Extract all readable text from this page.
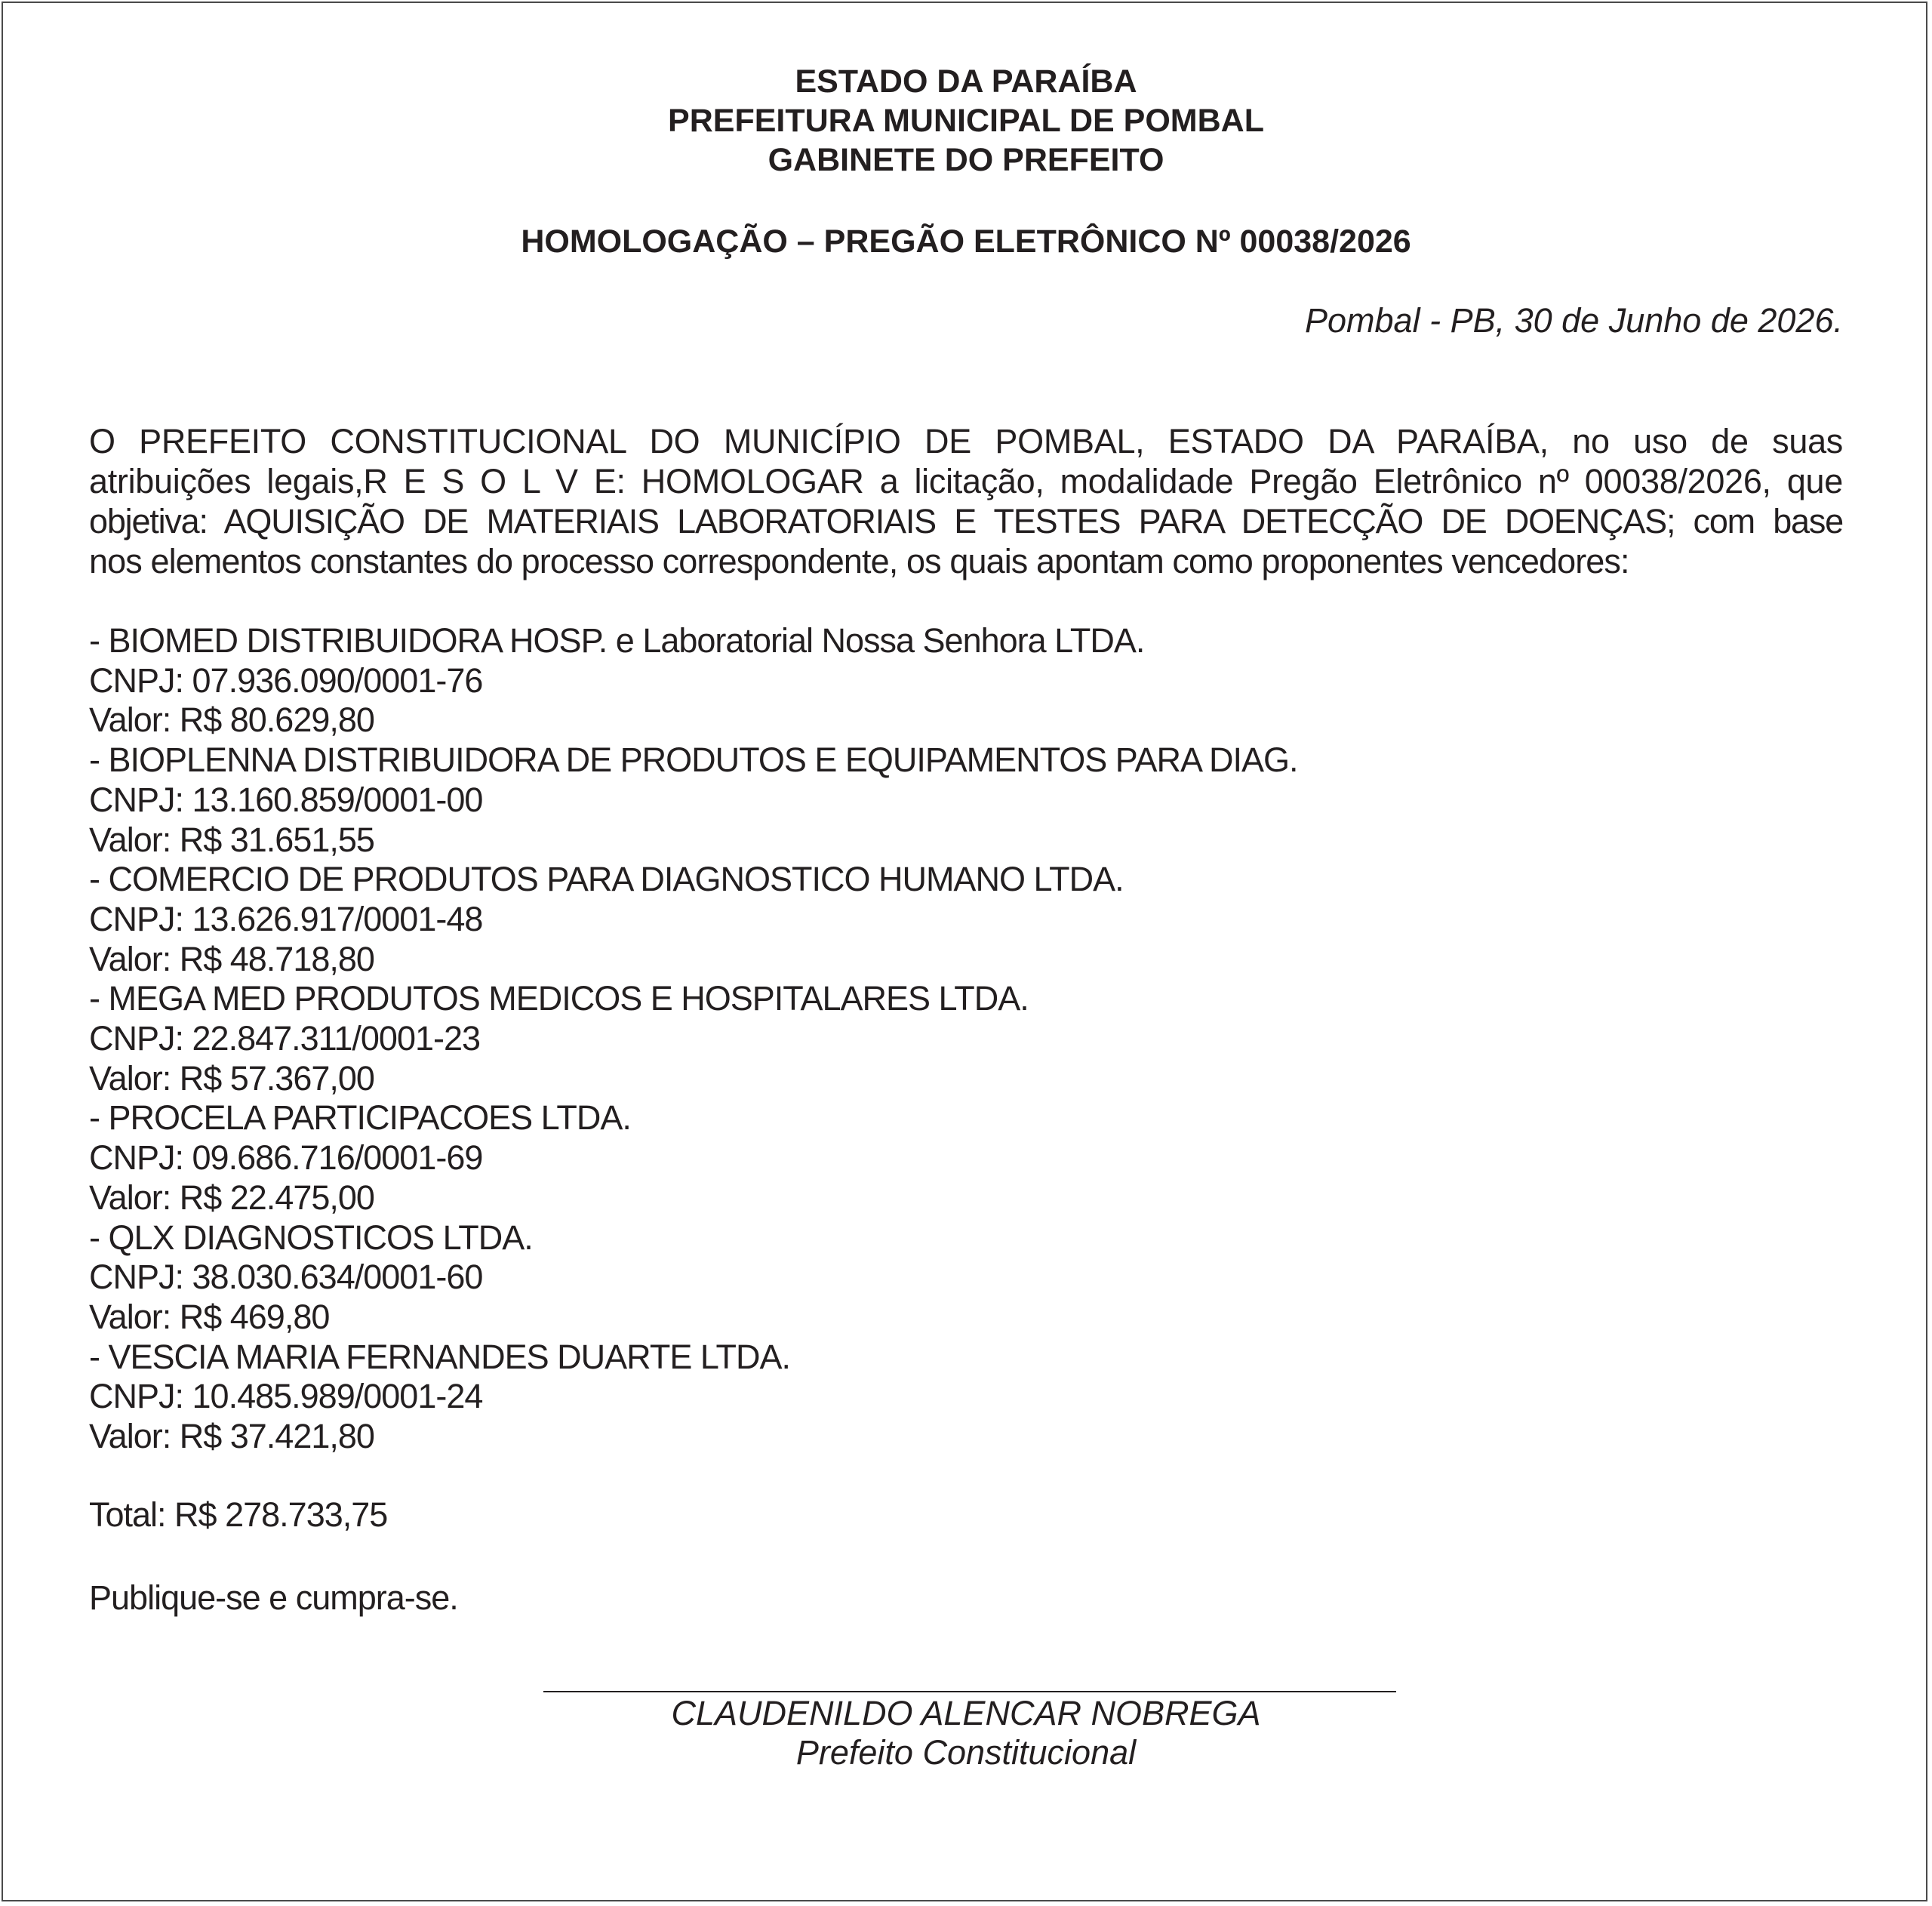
ESTADO DA PARAÍBA
PREFEITURA MUNICIPAL DE POMBAL
GABINETE DO PREFEITO
HOMOLOGAÇÃO – PREGÃO ELETRÔNICO Nº 00038/2026
Pombal - PB, 30 de Junho de 2026.
O PREFEITO CONSTITUCIONAL DO MUNICÍPIO DE POMBAL, ESTADO DA PARAÍBA, no uso de suas
atribuições legais,R E S O L V E: HOMOLOGAR a licitação, modalidade Pregão Eletrônico nº 00038/2026, que
objetiva: AQUISIÇÃO DE MATERIAIS LABORATORIAIS E TESTES PARA DETECÇÃO DE DOENÇAS; com base
nos elementos constantes do processo correspondente, os quais apontam como proponentes vencedores:
- BIOMED DISTRIBUIDORA HOSP. e Laboratorial Nossa Senhora LTDA.
CNPJ: 07.936.090/0001-76
Valor: R$ 80.629,80
- BIOPLENNA DISTRIBUIDORA DE PRODUTOS E EQUIPAMENTOS PARA DIAG.
CNPJ: 13.160.859/0001-00
Valor: R$ 31.651,55
- COMERCIO DE PRODUTOS PARA DIAGNOSTICO HUMANO LTDA.
CNPJ: 13.626.917/0001-48
Valor: R$ 48.718,80
- MEGA MED PRODUTOS MEDICOS E HOSPITALARES LTDA.
CNPJ: 22.847.311/0001-23
Valor: R$ 57.367,00
- PROCELA PARTICIPACOES LTDA.
CNPJ: 09.686.716/0001-69
Valor: R$ 22.475,00
- QLX DIAGNOSTICOS LTDA.
CNPJ: 38.030.634/0001-60
Valor: R$ 469,80
- VESCIA MARIA FERNANDES DUARTE LTDA.
CNPJ: 10.485.989/0001-24
Valor: R$ 37.421,80
Total: R$ 278.733,75
Publique-se e cumpra-se.
CLAUDENILDO ALENCAR NOBREGA
Prefeito Constitucional
